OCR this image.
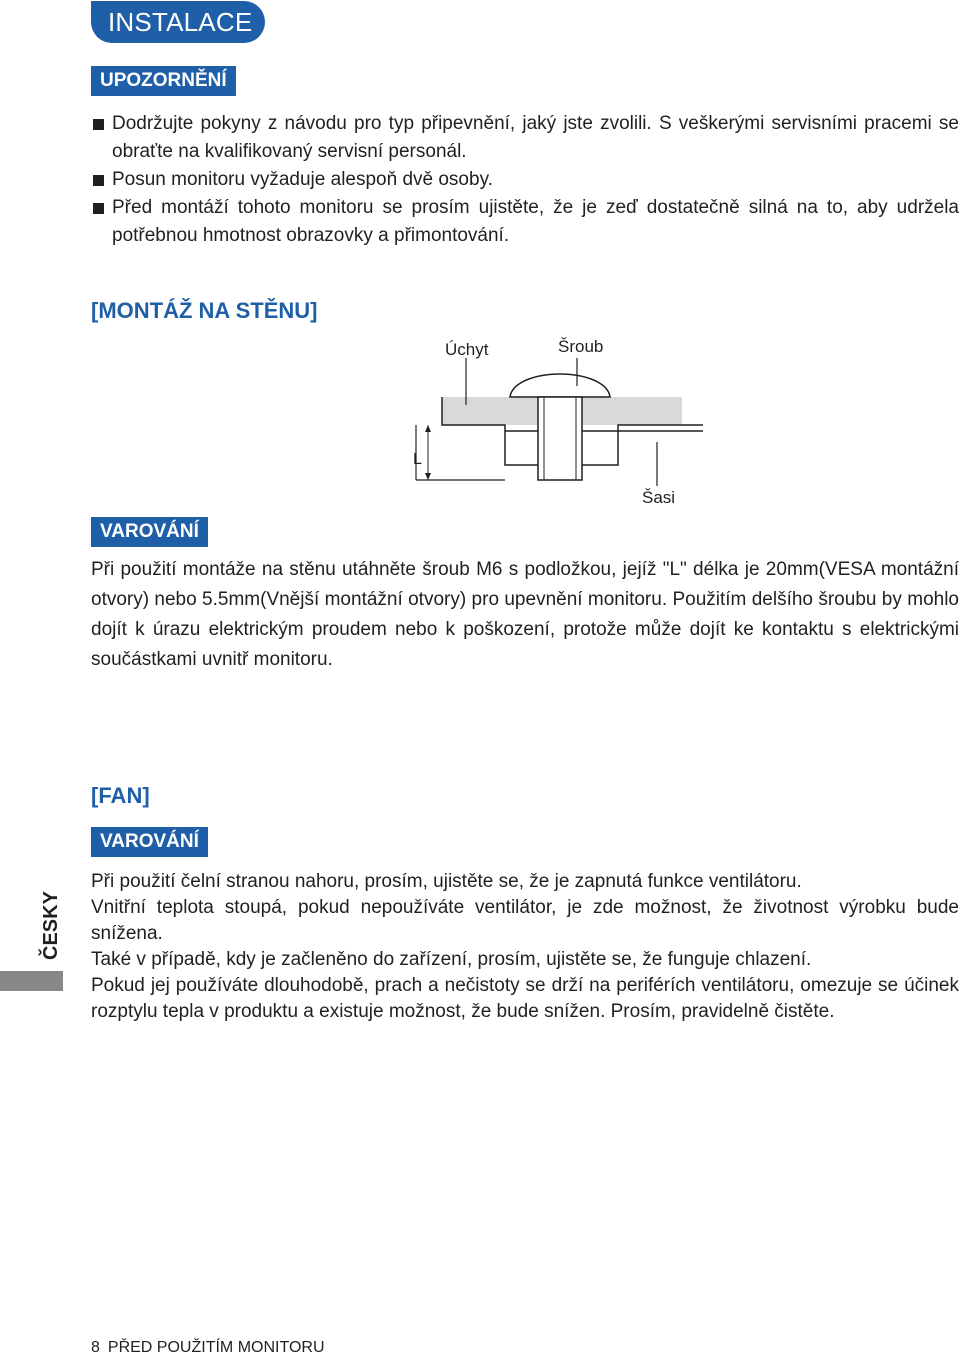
INSTALACE
UPOZORNĚNÍ
Dodržujte pokyny z návodu pro typ připevnění, jaký jste zvolili. S veškerými servisními pracemi se obraťte na kvalifikovaný servisní personál.
Posun monitoru vyžaduje alespoň dvě osoby.
Před montáží tohoto monitoru se prosím ujistěte, že je zeď dostatečně silná na to, aby udržela potřebnou hmotnost obrazovky a přimontování.
[MONTÁŽ NA STĚNU]
L
Úchyt	Šroub
Šasi
VAROVÁNÍ

Při použití montáže na stěnu utáhněte šroub M6 s podložkou, jejíž "L" délka je 20mm(VESA montážní otvory) nebo 5.5mm(Vnější montážní otvory) pro upevnění monitoru. Použitím delšího šroubu by mohlo dojít k úrazu elektrickým proudem nebo k poškození, protože může dojít ke kontaktu s elektrickými součástkami uvnitř monitoru.

[FAN]
VAROVÁNÍ

Při použití čelní stranou nahoru, prosím, ujistěte se, že je zapnutá funkce ventilátoru.

Vnitřní teplota stoupá, pokud nepoužíváte ventilátor, je zde možnost, že životnost výrobku bude snížena.

Také v případě, kdy je začleněno do zařízení, prosím, ujistěte se, že funguje chlazení.

Pokud jej používáte dlouhodobě, prach a nečistoty se drží na periférích ventilátoru, omezuje se účinek rozptylu tepla v produktu a existuje možnost, že bude snížen. Prosím, pravidelně čistěte.

ČESKY
8 PŘED POUŽITÍM MONITORU
